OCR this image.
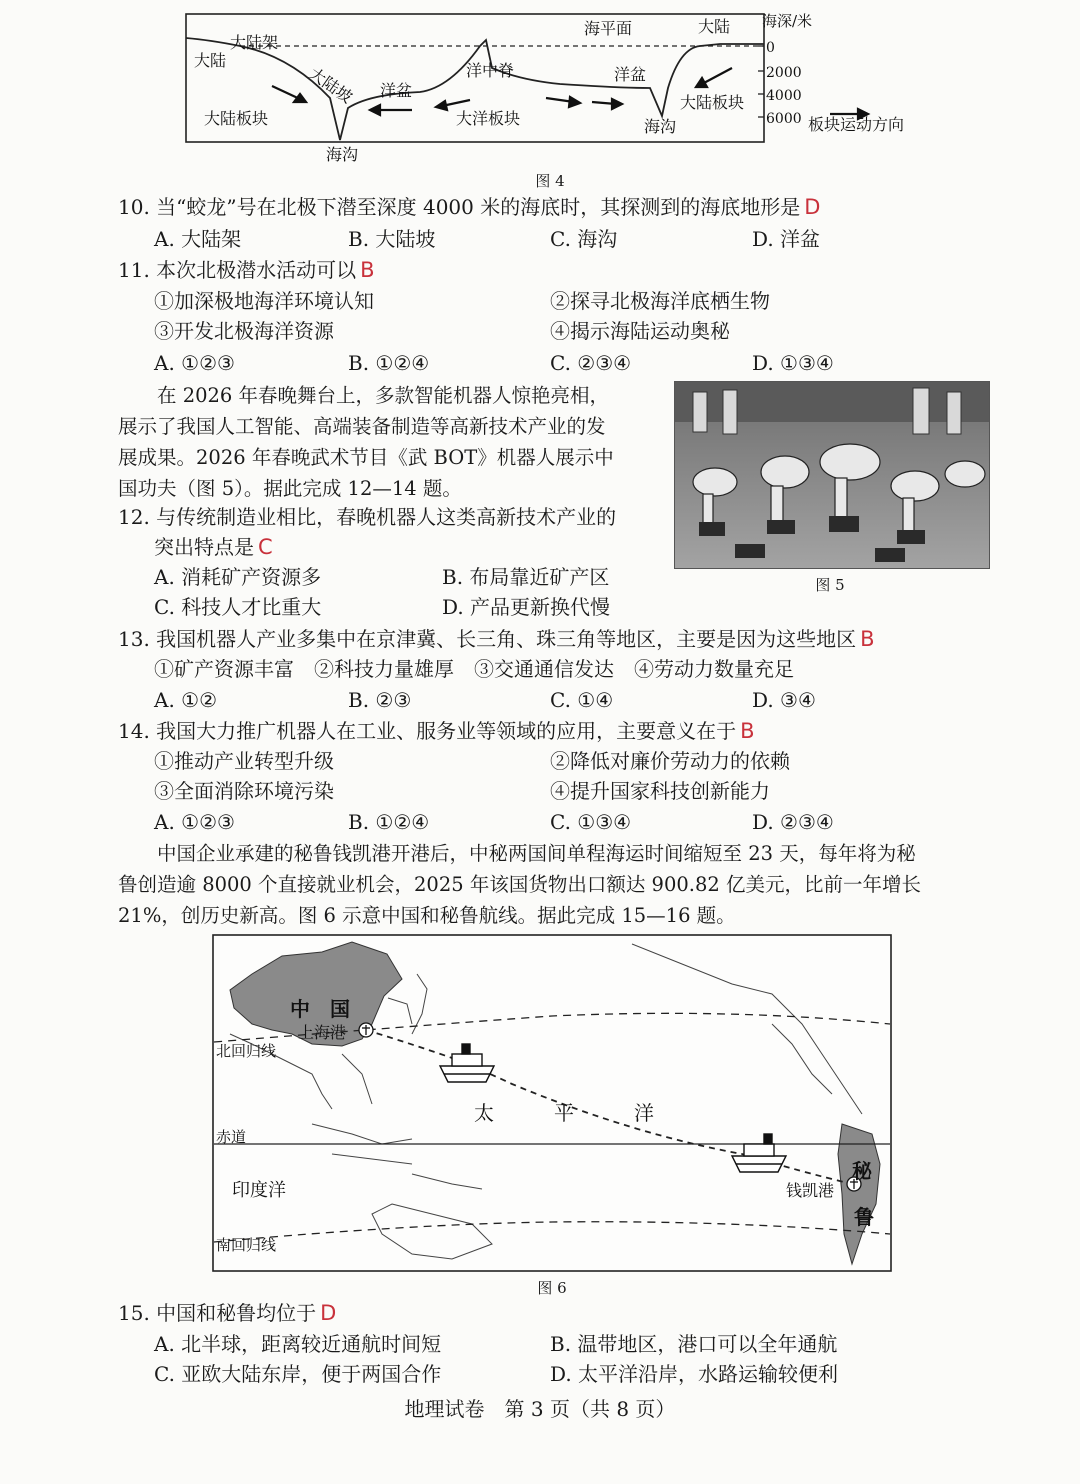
大陆架
大陆
大陆坡 洋盆
洋中脊
海平面
洋盆
大陆
大陆板块	大洋板块
大陆板块
海沟
海沟
海深/米
0
2000
4000
6000 板块运动方向
图 4
10. 当“蛟龙”号在北极下潜至深度 4000 米的海底时，其探测到的海底地形是 D
A. 大陆架	B. 大陆坡	C. 海沟	D. 洋盆
11. 本次北极潜水活动可以 B
①加深极地海洋环境认知	②探寻北极海洋底栖生物
③开发北极海洋资源	④揭示海陆运动奥秘
A. ①②③	B. ①②④	C. ②③④	D. ①③④
　　在 2026 年春晚舞台上，多款智能机器人惊艳亮相，
展示了我国人工智能、高端装备制造等高新技术产业的发
展成果。2026 年春晚武术节目《武 BOT》机器人展示中
国功夫（图 5）。据此完成 12—14 题。
图 5
12. 与传统制造业相比，春晚机器人这类高新技术产业的
突出特点是 C
A. 消耗矿产资源多	B. 布局靠近矿产区
C. 科技人才比重大	D. 产品更新换代慢
13. 我国机器人产业多集中在京津冀、长三角、珠三角等地区，主要是因为这些地区 B
①矿产资源丰富　②科技力量雄厚　③交通通信发达　④劳动力数量充足
A. ①②	B. ②③	C. ①④	D. ③④
14. 我国大力推广机器人在工业、服务业等领域的应用，主要意义在于 B
①推动产业转型升级	②降低对廉价劳动力的依赖
③全面消除环境污染	④提升国家科技创新能力
A. ①②③	B. ①②④	C. ①③④	D. ②③④
　　中国企业承建的秘鲁钱凯港开港后，中秘两国间单程海运时间缩短至 23 天，每年将为秘
鲁创造逾 8000 个直接就业机会，2025 年该国货物出口额达 900.82 亿美元，比前一年增长
21%，创历史新高。图 6 示意中国和秘鲁航线。据此完成 15—16 题。
中　国
上海港
北回归线
太　　　平　　　洋
赤道
印度洋
南回归线
钱凯港
秘
鲁
图 6
15. 中国和秘鲁均位于 D
A. 北半球，距离较近通航时间短	B. 温带地区，港口可以全年通航
C. 亚欧大陆东岸，便于两国合作	D. 太平洋沿岸，水路运输较便利
地理试卷　第 3 页（共 8 页）
